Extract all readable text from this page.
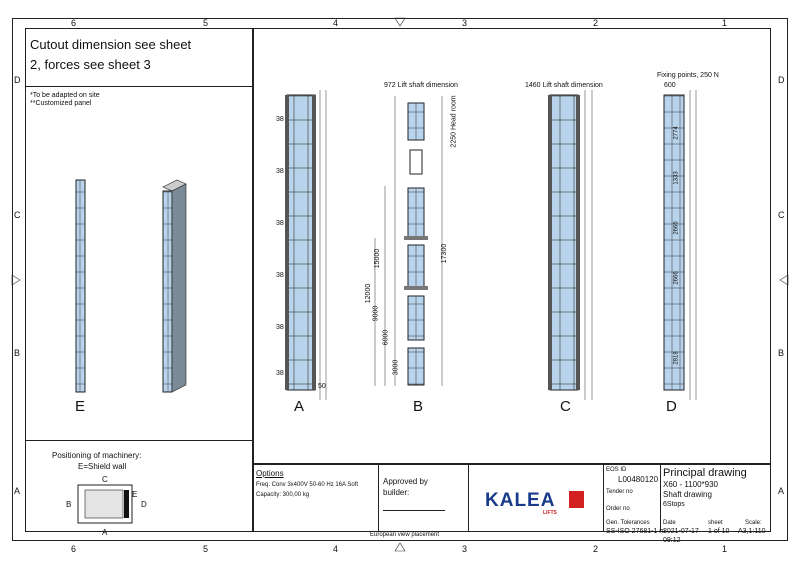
6	5	4	3	2	1
6	5	4	3	2	1
D
C
B
A
D
C
B
A
Cutout dimension see sheet
2, forces see sheet 3
*To be adapted on site
**Customized panel
E	A	B	C	D
972 Lift shaft dimension	1460 Lift shaft dimension
Fixing points, 250 N
600
38
38
38
38
38
38
50
15000
12000
9000
6000
3000
17300
2250 Head room	2774
1333
2666
2666
2818
Positioning of machinery:
E=Shield wall
C
B	D
E
A
Options
Freq. Conv 3x400V 50-60 Hz 16A Soft
Capacity: 300,00 kg
Approved by
builder:
European view placement
KALEA
LIFTS
EOS ID
L00480120
Tender no
Order no
Gen. Tolerances
SS-ISO 27681-1 m
Principal drawing
X60 - 1100*930
Shaft drawing
6Stops
Date
2021-07-17
09:12
sheet
1 of 10
Scale:
A3,1:110
